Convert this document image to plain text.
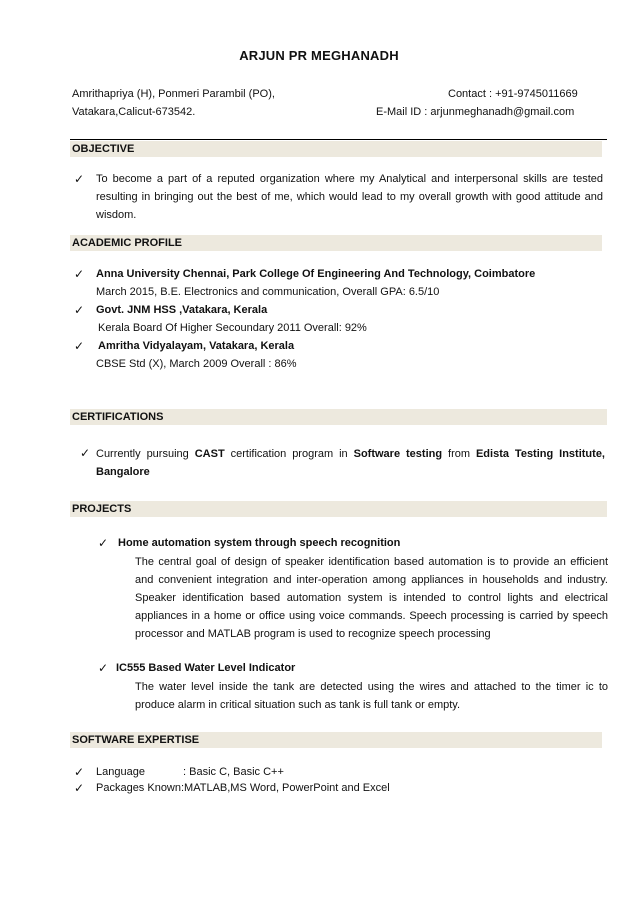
ARJUN PR MEGHANADH
Amrithapriya (H), Ponmeri Parambil (PO),
Vatakara,Calicut-673542.
Contact : +91-9745011669
E-Mail ID : arjunmeghanadh@gmail.com
OBJECTIVE
✓ To become a part of a reputed organization where my Analytical and interpersonal skills are tested resulting in bringing out the best of me, which would lead to my overall growth with good attitude and wisdom.
ACADEMIC PROFILE
✓ Anna University Chennai, Park College Of Engineering And Technology, Coimbatore
March 2015, B.E. Electronics and communication, Overall GPA: 6.5/10
✓ Govt. JNM HSS ,Vatakara, Kerala
Kerala Board Of Higher Secoundary 2011 Overall: 92%
✓ Amritha Vidyalayam, Vatakara, Kerala
CBSE Std (X), March 2009 Overall : 86%
CERTIFICATIONS
✓ Currently pursuing CAST certification program in Software testing from Edista Testing Institute, Bangalore
PROJECTS
✓ Home automation system through speech recognition
The central goal of design of speaker identification based automation is to provide an efficient and convenient integration and inter-operation among appliances in households and industry. Speaker identification based automation system is intended to control lights and electrical appliances in a home or office using voice commands. Speech processing is carried by speech processor and MATLAB program is used to recognize speech processing
✓ IC555 Based Water Level Indicator
The water level inside the tank are detected using the wires and attached to the timer ic to produce alarm in critical situation such as tank is full tank or empty.
SOFTWARE EXPERTISE
✓ Language	: Basic C, Basic C++
✓ Packages Known :MATLAB,MS Word, PowerPoint and Excel
